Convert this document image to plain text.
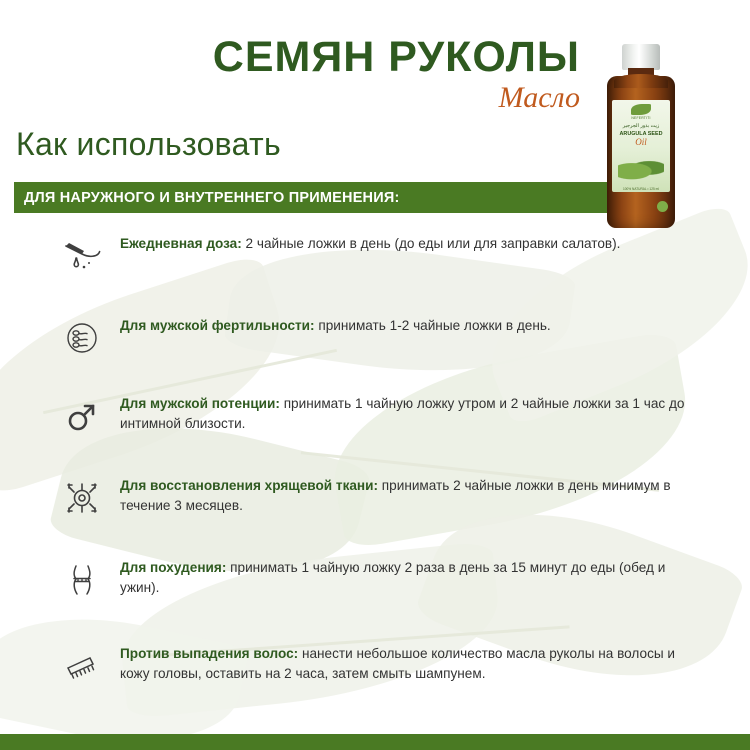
СЕМЯН РУКОЛЫ
Масло
Как использовать
ДЛЯ НАРУЖНОГО И ВНУТРЕННЕГО ПРИМЕНЕНИЯ:
NEFERTITI
زيت بذور الجرجير
ARUGULA SEED
Oil
100% NATURAL • 125 ml
Ежедневная доза: 2 чайные ложки в день (до еды или для заправки салатов).
Для мужской фертильности: принимать 1-2 чайные ложки в день.
Для мужской потенции: принимать 1 чайную ложку утром и 2 чайные ложки за 1 час до интимной близости.
Для восстановления хрящевой ткани: принимать 2 чайные ложки в день минимум в течение 3 месяцев.
Для похудения: принимать 1 чайную ложку 2 раза в день за 15 минут до еды (обед и ужин).
Против выпадения волос: нанести небольшое количество масла руколы на волосы и кожу головы, оставить на 2 часа, затем смыть шампунем.
